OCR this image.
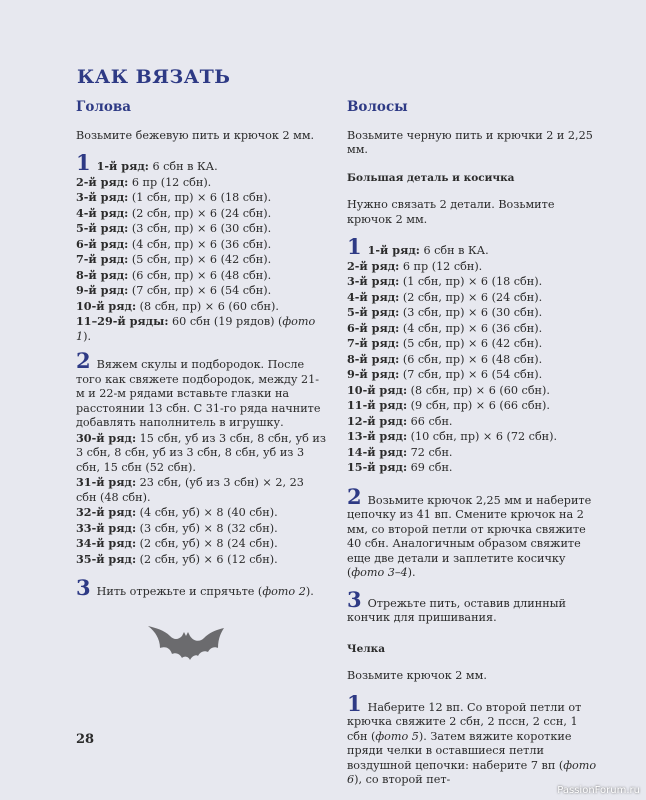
КАК ВЯЗАТЬ
Голова

Возьмите бежевую пить и крючок 2 мм.

1 1-й ряд: 6 сбн в КА.
2-й ряд: 6 пр (12 сбн).
3-й ряд: (1 сбн, пр) × 6 (18 сбн).
4-й ряд: (2 сбн, пр) × 6 (24 сбн).
5-й ряд: (3 сбн, пр) × 6 (30 сбн).
6-й ряд: (4 сбн, пр) × 6 (36 сбн).
7-й ряд: (5 сбн, пр) × 6 (42 сбн).
8-й ряд: (6 сбн, пр) × 6 (48 сбн).
9-й ряд: (7 сбн, пр) × 6 (54 сбн).
10-й ряд: (8 сбн, пр) × 6 (60 сбн).
11–29-й ряды: 60 сбн (19 рядов) (фото 1).

2 Вяжем скулы и подбородок. После того как свяжете подбородок, между 21-м и 22-м рядами вставьте глазки на расстоянии 13 сбн. С 31-го ряда начните добавлять наполнитель в игрушку.

30-й ряд: 15 сбн, уб из 3 сбн, 8 сбн, уб из 3 сбн, 8 сбн, уб из 3 сбн, 8 сбн, уб из 3 сбн, 15 сбн (52 сбн).
31-й ряд: 23 сбн, (уб из 3 сбн) × 2, 23 сбн (48 сбн).
32-й ряд: (4 сбн, уб) × 8 (40 сбн).
33-й ряд: (3 сбн, уб) × 8 (32 сбн).
34-й ряд: (2 сбн, уб) × 8 (24 сбн).
35-й ряд: (2 сбн, уб) × 6 (12 сбн).

3 Нить отрежьте и спрячьте (фото 2).

Волосы

Возьмите черную пить и крючки 2 и 2,25 мм.

Большая деталь и косичка

Нужно связать 2 детали. Возьмите крючок 2 мм.

1 1-й ряд: 6 сбн в КА.
2-й ряд: 6 пр (12 сбн).
3-й ряд: (1 сбн, пр) × 6 (18 сбн).
4-й ряд: (2 сбн, пр) × 6 (24 сбн).
5-й ряд: (3 сбн, пр) × 6 (30 сбн).
6-й ряд: (4 сбн, пр) × 6 (36 сбн).
7-й ряд: (5 сбн, пр) × 6 (42 сбн).
8-й ряд: (6 сбн, пр) × 6 (48 сбн).
9-й ряд: (7 сбн, пр) × 6 (54 сбн).
10-й ряд: (8 сбн, пр) × 6 (60 сбн).
11-й ряд: (9 сбн, пр) × 6 (66 сбн).
12-й ряд: 66 сбн.
13-й ряд: (10 сбн, пр) × 6 (72 сбн).
14-й ряд: 72 сбн.
15-й ряд: 69 сбн.

2 Возьмите крючок 2,25 мм и наберите цепочку из 41 вп. Смените крючок на 2 мм, со второй петли от крючка свяжите 40 сбн. Аналогичным образом свяжите еще две детали и заплетите косичку (фото 3–4).

3 Отрежьте пить, оставив длинный кончик для пришивания.

Челка

Возьмите крючок 2 мм.

1 Наберите 12 вп. Со второй петли от крючка свяжите 2 сбн, 2 пссн, 2 ссн, 1 сбн (фото 5). Затем вяжите короткие пряди челки в оставшиеся петли воздушной цепочки: наберите 7 вп (фото 6), со второй пет-

28
PassionForum.ru
